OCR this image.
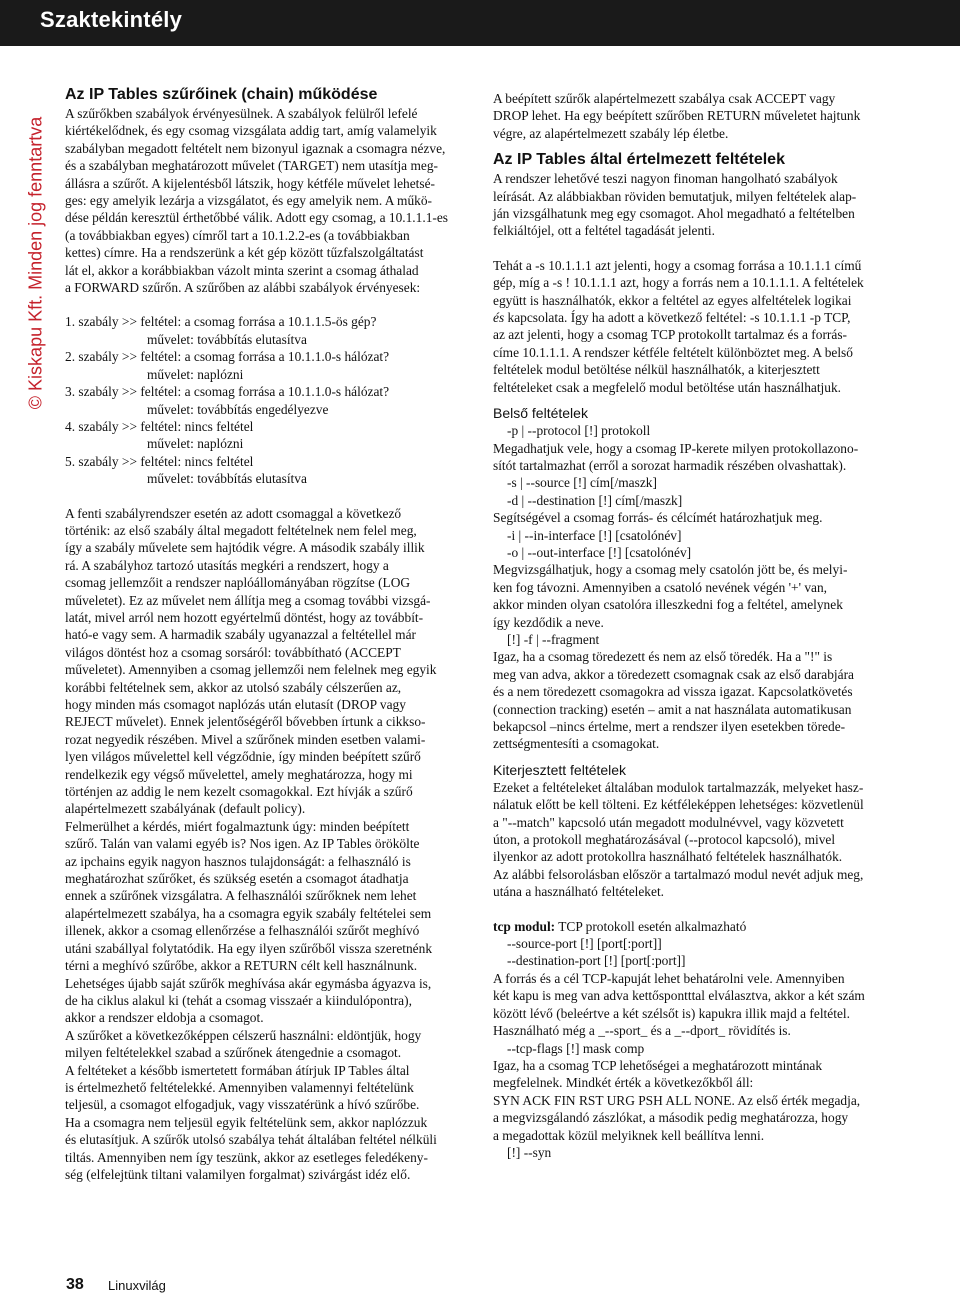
Szaktekintély
© Kiskapu Kft. Minden jog fenntartva

Az IP Tables szűrőinek (chain) működése

A szűrőkben szabályok érvényesülnek. A szabályok felülről lefelé
kiértékelődnek, és egy csomag vizsgálata addig tart, amíg valamelyik
szabályban megadott feltételt nem bizonyul igaznak a csomagra nézve,
és a szabályban meghatározott művelet (TARGET) nem utasítja meg-
állásra a szűrőt. A kijelentésből látszik, hogy kétféle művelet lehetsé-
ges: egy amelyik lezárja a vizsgálatot, és egy amelyik nem. A műkö-
dése példán keresztül érthetőbbé válik. Adott egy csomag, a 10.1.1.1-es
(a továbbiakban egyes) címről tart a 10.1.2.2-es (a továbbiakban
kettes) címre. Ha a rendszerünk a két gép között tűzfalszolgáltatást
lát el, akkor a korábbiakban vázolt minta szerint a csomag áthalad
a FORWARD szűrőn. A szűrőben az alábbi szabályok érvényesek:

1. szabály >> feltétel: a csomag forrása a 10.1.1.5-ös gép?

művelet: továbbítás elutasítva

2. szabály >> feltétel: a csomag forrása a 10.1.1.0-s hálózat?

művelet: naplózni

3. szabály >> feltétel: a csomag forrása a 10.1.1.0-s hálózat?

művelet: továbbítás engedélyezve

4. szabály >> feltétel: nincs feltétel

művelet: naplózni

5. szabály >> feltétel: nincs feltétel

művelet: továbbítás elutasítva

A fenti szabályrendszer esetén az adott csomaggal a következő
történik: az első szabály által megadott feltételnek nem felel meg,
így a szabály művelete sem hajtódik végre. A második szabály illik
rá. A szabályhoz tartozó utasítás megkéri a rendszert, hogy a
csomag jellemzőit a rendszer naplóállományában rögzítse (LOG
műveletet). Ez az művelet nem állítja meg a csomag további vizsgá-
latát, mivel arról nem hozott egyértelmű döntést, hogy az továbbít-
ható-e vagy sem. A harmadik szabály ugyanazzal a feltétellel már
világos döntést hoz a csomag sorsáról: továbbítható (ACCEPT
műveletet). Amennyiben a csomag jellemzői nem felelnek meg egyik
korábbi feltételnek sem, akkor az utolsó szabály célszerűen az,
hogy minden más csomagot naplózás után elutasít (DROP vagy
REJECT művelet). Ennek jelentőségéről bővebben írtunk a cikkso-
rozat negyedik részében. Mivel a szűrőnek minden esetben valami-
lyen világos művelettel kell végződnie, így minden beépített szűrő
rendelkezik egy végső művelettel, amely meghatározza, hogy mi
történjen az addig le nem kezelt csomagokkal. Ezt hívják a szűrő
alapértelmezett szabályának (default policy).

Felmerülhet a kérdés, miért fogalmaztunk úgy: minden beépített
szűrő. Talán van valami egyéb is? Nos igen. Az IP Tables örökölte
az ipchains egyik nagyon hasznos tulajdonságát: a felhasználó is
meghatározhat szűrőket, és szükség esetén a csomagot átadhatja
ennek a szűrőnek vizsgálatra. A felhasználói szűrőknek nem lehet
alapértelmezett szabálya, ha a csomagra egyik szabály feltételei sem
illenek, akkor a csomag ellenőrzése a felhasználói szűrőt meghívó
utáni szabállyal folytatódik. Ha egy ilyen szűrőből vissza szeretnénk
térni a meghívó szűrőbe, akkor a RETURN célt kell használnunk.
Lehetséges újabb saját szűrők meghívása akár egymásba ágyazva is,
de ha ciklus alakul ki (tehát a csomag visszaér a kiindulópontra),
akkor a rendszer eldobja a csomagot.

A szűrőket a következőképpen célszerű használni: eldöntjük, hogy
milyen feltételekkel szabad a szűrőnek átengednie a csomagot.
A feltéteket a később ismertetett formában átírjuk IP Tables által
is értelmezhető feltételekké. Amennyiben valamennyi feltételünk
teljesül, a csomagot elfogadjuk, vagy visszatérünk a hívó szűrőbe.
Ha a csomagra nem teljesül egyik feltételünk sem, akkor naplózzuk
és elutasítjuk. A szűrők utolsó szabálya tehát általában feltétel nélküli
tiltás. Amennyiben nem így teszünk, akkor az esetleges feledékeny-
ség (elfelejtünk tiltani valamilyen forgalmat) szivárgást idéz elő.

A beépített szűrők alapértelmezett szabálya csak ACCEPT vagy
DROP lehet. Ha egy beépített szűrőben RETURN műveletet hajtunk
végre, az alapértelmezett szabály lép életbe.

Az IP Tables által értelmezett feltételek

A rendszer lehetővé teszi nagyon finoman hangolható szabályok
leírását. Az alábbiakban röviden bemutatjuk, milyen feltételek alap-
ján vizsgálhatunk meg egy csomagot. Ahol megadható a feltételben
felkiáltójel, ott a feltétel tagadását jelenti.

Tehát a -s 10.1.1.1 azt jelenti, hogy a csomag forrása a 10.1.1.1 című
gép, míg a -s ! 10.1.1.1 azt, hogy a forrás nem a 10.1.1.1. A feltételek
együtt is használhatók, ekkor a feltétel az egyes alfeltételek logikai
és kapcsolata. Így ha adott a következő feltétel: -s 10.1.1.1 -p TCP,
az azt jelenti, hogy a csomag TCP protokollt tartalmaz és a forrás-
címe 10.1.1.1. A rendszer kétféle feltételt különböztet meg. A belső
feltételek modul betöltése nélkül használhatók, a kiterjesztett
feltételeket csak a megfelelő modul betöltése után használhatjuk.

Belső feltételek

-p | --protocol [!] protokoll

Megadhatjuk vele, hogy a csomag IP-kerete milyen protokollazono-
sítót tartalmazhat (erről a sorozat harmadik részében olvashattak).

-s | --source [!] cím[/maszk]

-d | --destination [!] cím[/maszk]

Segítségével a csomag forrás- és célcímét határozhatjuk meg.

-i | --in-interface [!] [csatolónév]

-o | --out-interface [!] [csatolónév]

Megvizsgálhatjuk, hogy a csomag mely csatolón jött be, és melyi-
ken fog távozni. Amennyiben a csatoló nevének végén '+' van,
akkor minden olyan csatolóra illeszkedni fog a feltétel, amelynek
így kezdődik a neve.

[!] -f | --fragment

Igaz, ha a csomag töredezett és nem az első töredék. Ha a "!" is
meg van adva, akkor a töredezett csomagnak csak az első darabjára
és a nem töredezett csomagokra ad vissza igazat. Kapcsolatkövetés
(connection tracking) esetén – amit a nat használata automatikusan
bekapcsol –nincs értelme, mert a rendszer ilyen esetekben törede-
zettségmentesíti a csomagokat.

Kiterjesztett feltételek

Ezeket a feltételeket általában modulok tartalmazzák, melyeket hasz-
nálatuk előtt be kell tölteni. Ez kétféleképpen lehetséges: közvetlenül
a "--match" kapcsoló után megadott modulnévvel, vagy közvetett
úton, a protokoll meghatározásával (--protocol kapcsoló), mivel
ilyenkor az adott protokollra használható feltételek használhatók.
Az alábbi felsorolásban először a tartalmazó modul nevét adjuk meg,
utána a használható feltételeket.

tcp modul: TCP protokoll esetén alkalmazható

--source-port [!] [port[:port]]

--destination-port [!] [port[:port]]

A forrás és a cél TCP-kapuját lehet behatárolni vele. Amennyiben
két kapu is meg van adva kettőspontttal elválasztva, akkor a két szám
között lévő (beleértve a két szélsőt is) kapukra illik majd a feltétel.
Használható még a _--sport_ és a _--dport_ rövidítés is.

--tcp-flags [!] mask comp

Igaz, ha a csomag TCP lehetőségei a meghatározott mintának
megfelelnek. Mindkét érték a következőkből áll:
SYN ACK FIN RST URG PSH ALL NONE. Az első érték megadja,
a megvizsgálandó zászlókat, a második pedig meghatározza, hogy
a megadottak közül melyiknek kell beállítva lenni.

[!] --syn

38 Linuxvilág
